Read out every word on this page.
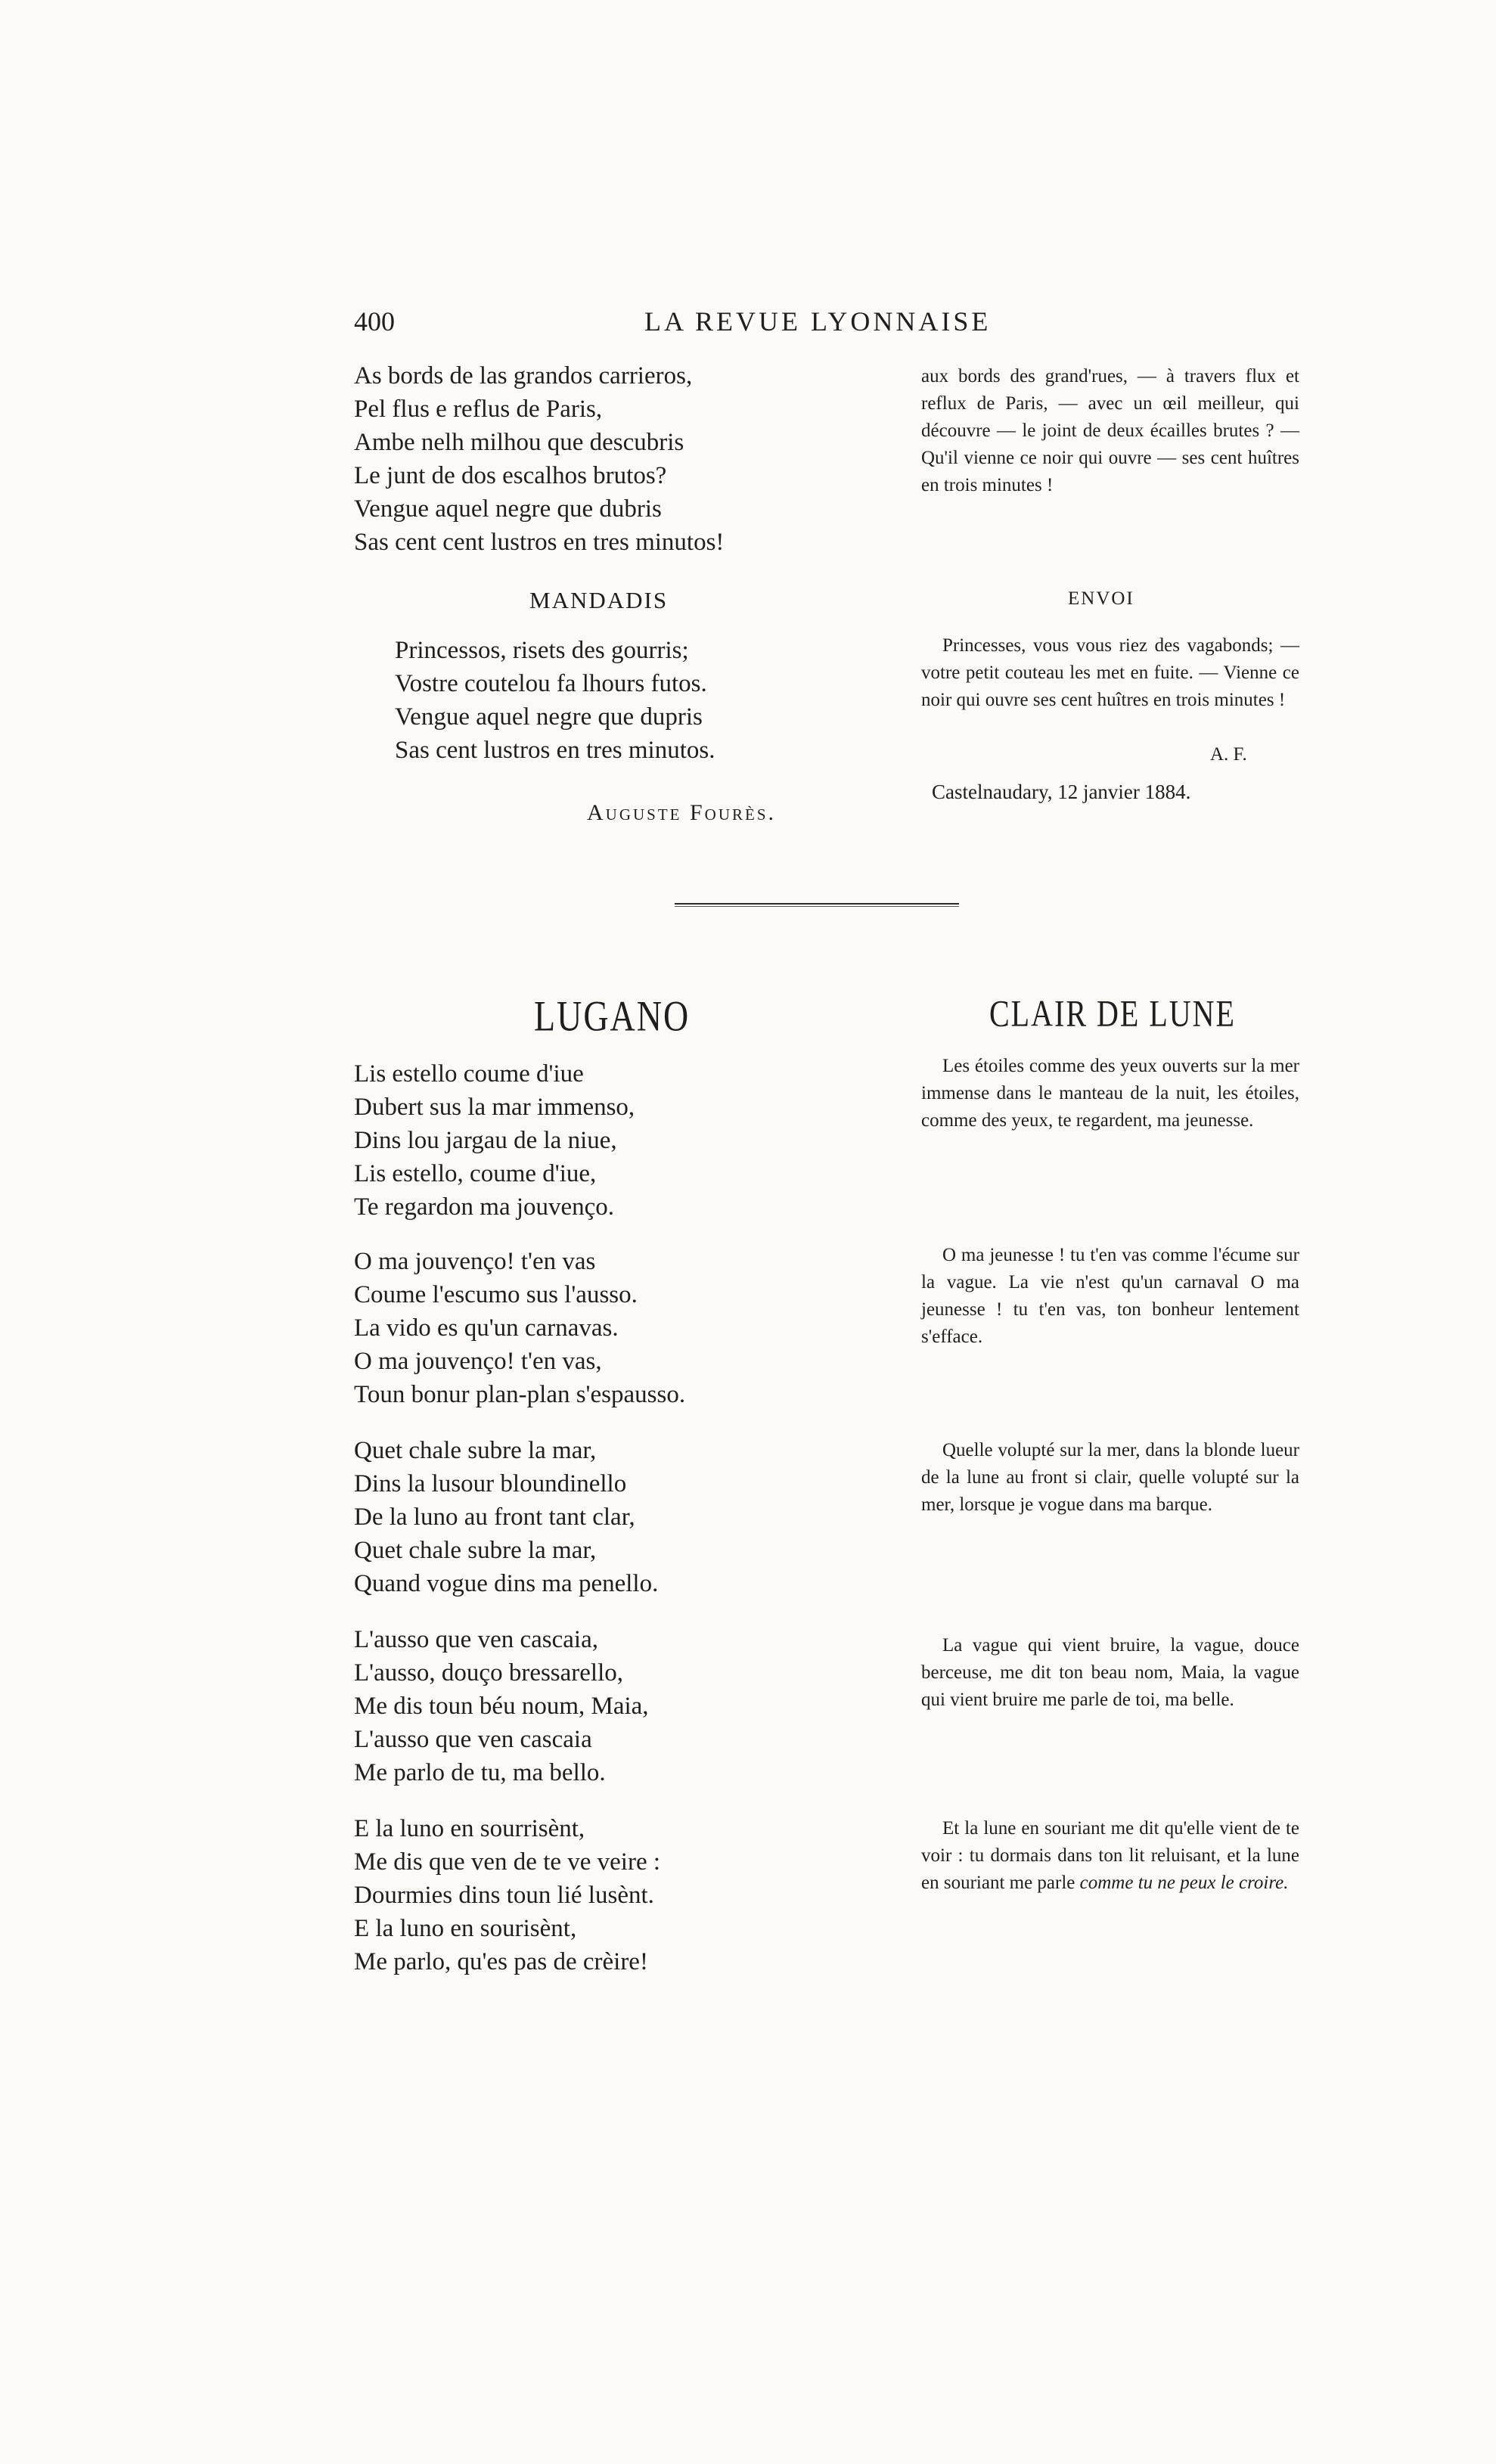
400	LA REVUE LYONNAISE
As bords de las grandos carrieros,
Pel flus e reflus de Paris,
Ambe nelh milhou que descubris
Le junt de dos escalhos brutos?
Vengue aquel negre que dubris
Sas cent cent lustros en tres minutos!
MANDADIS
Princessos, risets des gourris;
Vostre coutelou fa lhours futos.
Vengue aquel negre que dupris
Sas cent lustros en tres minutos.
Auguste Fourès.

aux bords des grand'rues, — à travers flux et reflux de Paris, — avec un œil meilleur, qui découvre — le joint de deux écailles brutes ? — Qu'il vienne ce noir qui ouvre — ses cent huîtres en trois minutes !

ENVOI

Princesses, vous vous riez des vagabonds; — votre petit couteau les met en fuite. — Vienne ce noir qui ouvre ses cent huîtres en trois minutes !

A. F.
Castelnaudary, 12 janvier 1884.
LUGANO	CLAIR DE LUNE
Lis estello coume d'iue
Dubert sus la mar immenso,
Dins lou jargau de la niue,
Lis estello, coume d'iue,
Te regardon ma jouvenço.
O ma jouvenço! t'en vas
Coume l'escumo sus l'ausso.
La vido es qu'un carnavas.
O ma jouvenço! t'en vas,
Toun bonur plan-plan s'espausso.
Quet chale subre la mar,
Dins la lusour bloundinello
De la luno au front tant clar,
Quet chale subre la mar,
Quand vogue dins ma penello.
L'ausso que ven cascaia,
L'ausso, douço bressarello,
Me dis toun béu noum, Maia,
L'ausso que ven cascaia
Me parlo de tu, ma bello.
E la luno en sourrisènt,
Me dis que ven de te ve veire :
Dourmies dins toun lié lusènt.
E la luno en sourisènt,
Me parlo, qu'es pas de crèire!

Les étoiles comme des yeux ouverts sur la mer immense dans le manteau de la nuit, les étoiles, comme des yeux, te regardent, ma jeunesse.

O ma jeunesse ! tu t'en vas comme l'écume sur la vague. La vie n'est qu'un carnaval O ma jeunesse ! tu t'en vas, ton bonheur lentement s'efface.

Quelle volupté sur la mer, dans la blonde lueur de la lune au front si clair, quelle volupté sur la mer, lorsque je vogue dans ma barque.

La vague qui vient bruire, la vague, douce berceuse, me dit ton beau nom, Maia, la vague qui vient bruire me parle de toi, ma belle.

Et la lune en souriant me dit qu'elle vient de te voir : tu dormais dans ton lit reluisant, et la lune en souriant me parle comme tu ne peux le croire.
